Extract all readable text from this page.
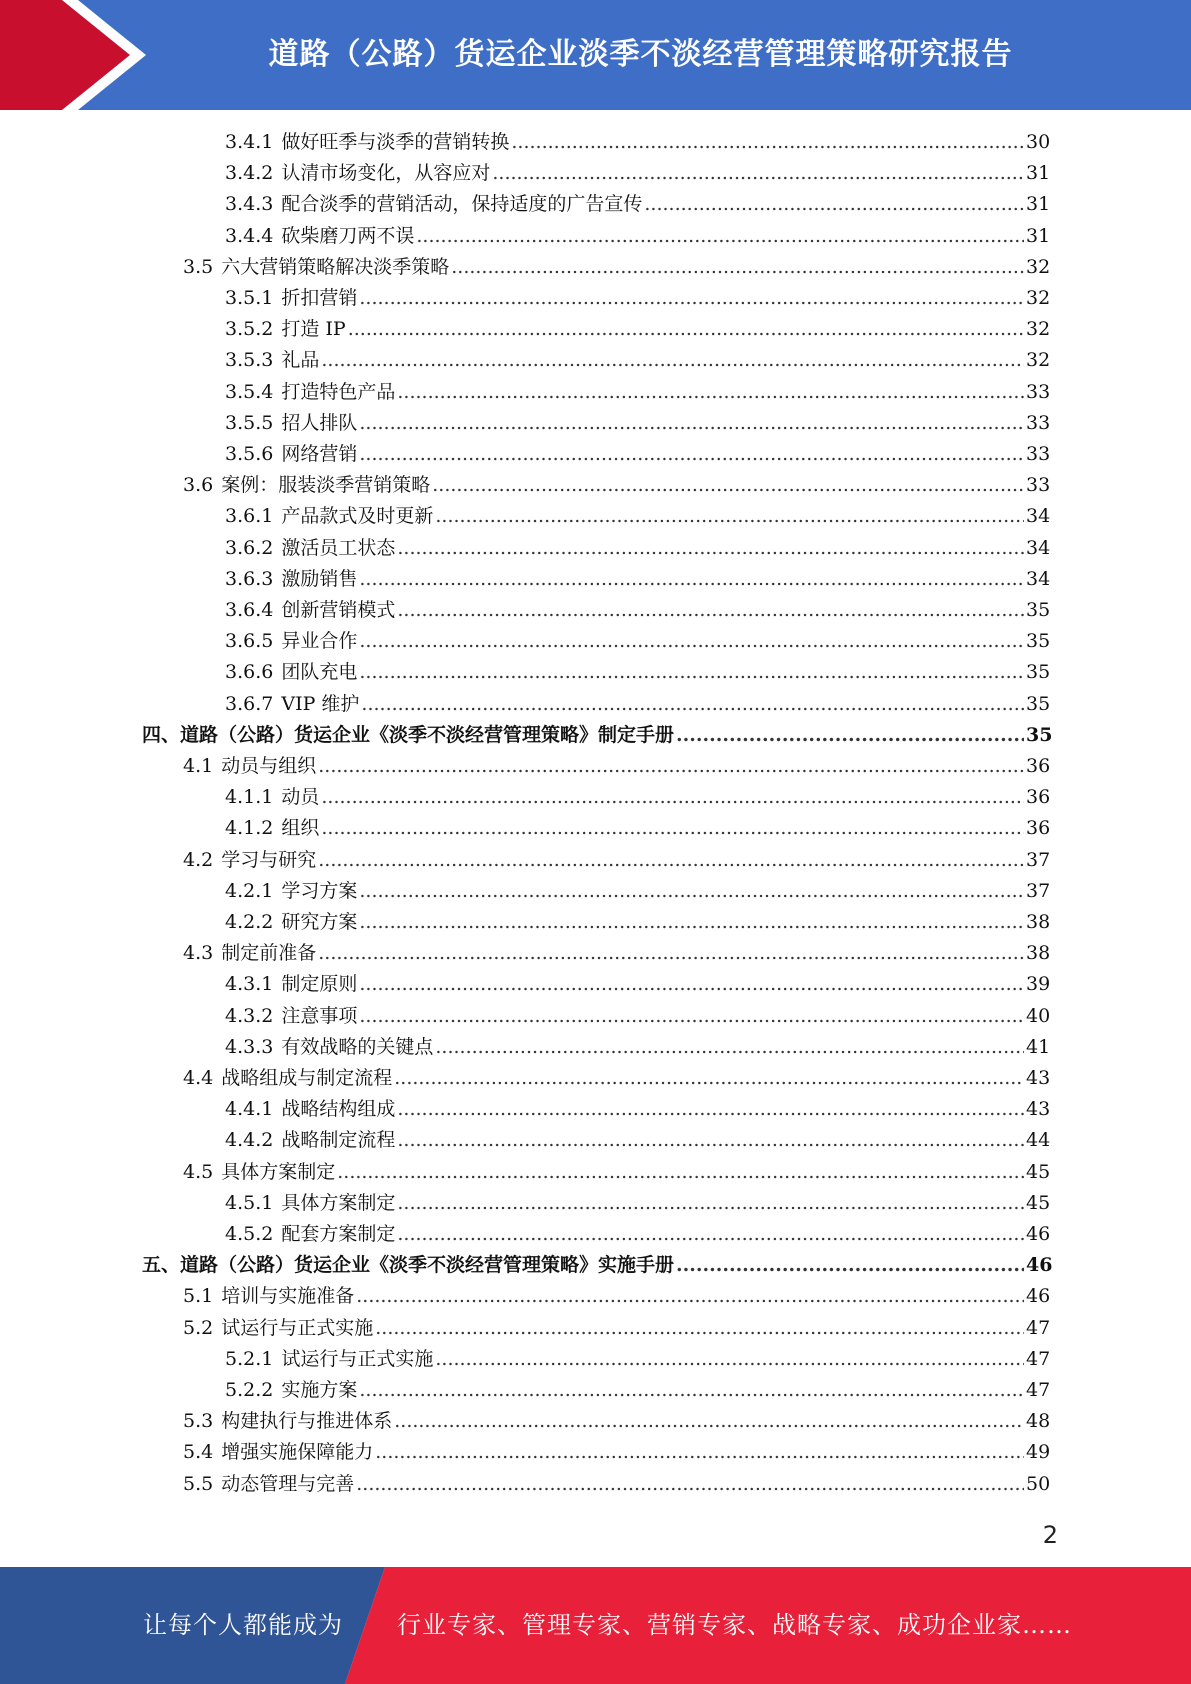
道路（公路）货运企业淡季不淡经营管理策略研究报告
3.4.1 做好旺季与淡季的营销转换 .....	30
3.4.2 认清市场变化，从容应对 .....	31
3.4.3 配合淡季的营销活动，保持适度的广告宣传 .....	31
3.4.4 砍柴磨刀两不误 .....	31
3.5 六大营销策略解决淡季策略 .....	32
3.5.1 折扣营销 .....	32
3.5.2 打造 IP .....	32
3.5.3 礼品 .....	32
3.5.4 打造特色产品 .....	33
3.5.5 招人排队 .....	33
3.5.6 网络营销 .....	33
3.6 案例：服装淡季营销策略 .....	33
3.6.1 产品款式及时更新 .....	34
3.6.2 激活员工状态 .....	34
3.6.3 激励销售 .....	34
3.6.4 创新营销模式 .....	35
3.6.5 异业合作 .....	35
3.6.6 团队充电 .....	35
3.6.7 VIP 维护 .....	35
四、 道路（公路）货运企业《淡季不淡经营管理策略》制定手册 .....	35
4.1 动员与组织 .....	36
4.1.1 动员 .....	36
4.1.2 组织 .....	36
4.2 学习与研究 .....	37
4.2.1 学习方案 .....	37
4.2.2 研究方案 .....	38
4.3 制定前准备 .....	38
4.3.1 制定原则 .....	39
4.3.2 注意事项 .....	40
4.3.3 有效战略的关键点 .....	41
4.4 战略组成与制定流程 .....	43
4.4.1 战略结构组成 .....	43
4.4.2 战略制定流程 .....	44
4.5 具体方案制定 .....	45
4.5.1 具体方案制定 .....	45
4.5.2 配套方案制定 .....	46
五、 道路（公路）货运企业《淡季不淡经营管理策略》实施手册 .....	46
5.1 培训与实施准备 .....	46
5.2 试运行与正式实施 .....	47
5.2.1 试运行与正式实施 .....	47
5.2.2 实施方案 .....	47
5.3 构建执行与推进体系 .....	48
5.4 增强实施保障能力 .....	49
5.5 动态管理与完善 .....	50
2
让每个人都能成为 行业专家、管理专家、营销专家、战略专家、成功企业家……
